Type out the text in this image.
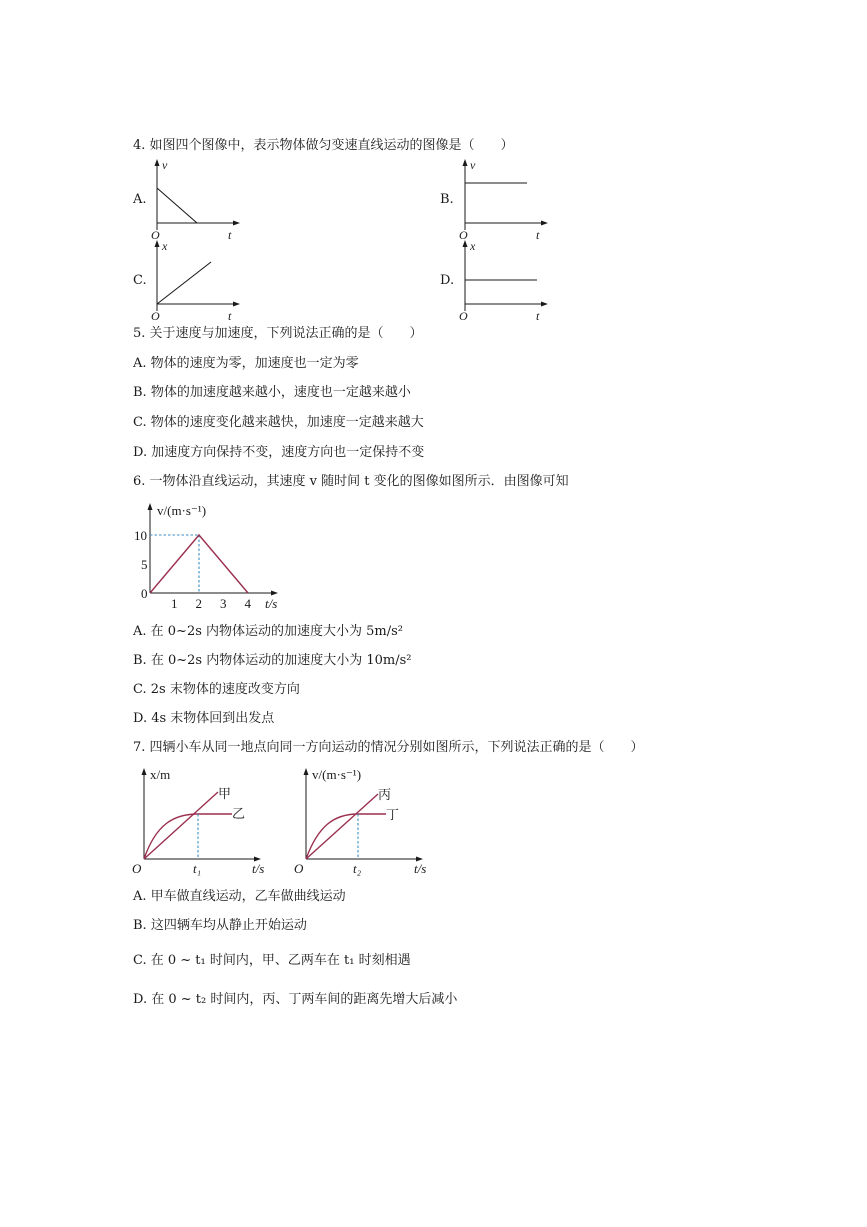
4. 如图四个图像中，表示物体做匀变速直线运动的图像是（　　）
A.
v
O	t
B.
v
O	t
C.
x
O	t
D.
x
O	t
5. 关于速度与加速度，下列说法正确的是（　　）
A. 物体的速度为零，加速度也一定为零
B. 物体的加速度越来越小，速度也一定越来越小
C. 物体的速度变化越来越快，加速度一定越来越大
D. 加速度方向保持不变，速度方向也一定保持不变
6. 一物体沿直线运动，其速度 v 随时间 t 变化的图像如图所示．由图像可知
1 2 3 4
0
5
10
v/(m·s⁻¹)
t/s
A. 在 0~2s 内物体运动的加速度大小为 5m/s²
B. 在 0~2s 内物体运动的加速度大小为 10m/s²
C. 2s 末物体的速度改变方向
D. 4s 末物体回到出发点
7. 四辆小车从同一地点向同一方向运动的情况分别如图所示，下列说法正确的是（　　）
x/m
O	t₁	t/s
甲
乙
v/(m·s⁻¹)
O	t₂	t/s
丙
丁
A. 甲车做直线运动，乙车做曲线运动
B. 这四辆车均从静止开始运动
C. 在 0 ~ t₁ 时间内，甲、乙两车在 t₁ 时刻相遇
D. 在 0 ~ t₂ 时间内，丙、丁两车间的距离先增大后减小
